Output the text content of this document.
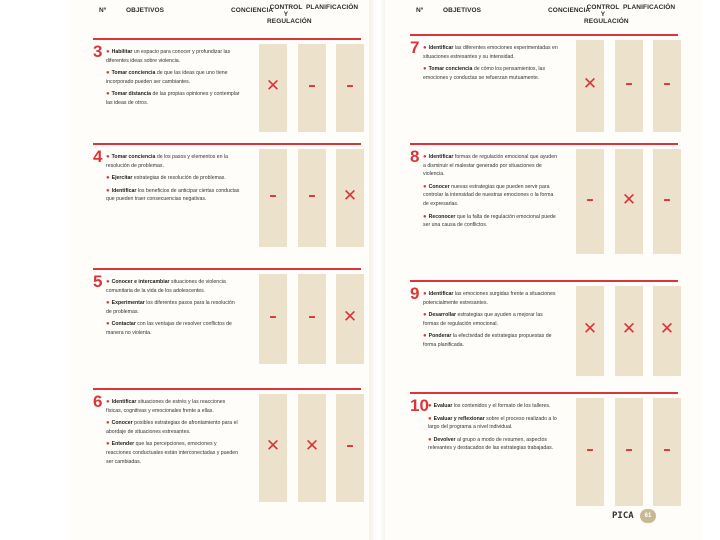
Nº	OBJETIVOS	CONCIENCIA
CONTROL Y REGULACIÓN
PLANIFICACIÓN
3 ● Habilitar un espacio para conocer y profundizar las diferentes ideas sobre violencia.
● Tomar conciencia de que las ideas que uno tiene incorporado pueden ser cambiantes.
● Tomar distancia de las propias opiniones y contemplar las ideas de otros.
✕	–	–
4 ● Tomar conciencia de los pasos y elementos en la resolución de problemas.
● Ejercitar estrategias de resolución de problemas.
● Identificar los beneficios de anticipar ciertas conductas que pueden traer consecuencias negativas.	–	–	✕
5 ● Conocer e intercambiar situaciones de violencia comunitaria de la vida de los adolescentes.
● Experimentar los diferentes pasos para la resolución de problemas.
● Contactar con las ventajas de resolver conflictos de manera no violenta.
–	–	✕
6 ● Identificar situaciones de estrés y las reacciones físicas, cognitivas y emocionales frente a ellas.
● Conocer posibles estrategias de afrontamiento para el abordaje de situaciones estresantes.
● Entender que las percepciones, emociones y reacciones conductuales están interconectadas y pueden ser cambiadas.
✕	✕	–
Nº	OBJETIVOS	CONCIENCIA
CONTROL Y REGULACIÓN
PLANIFICACIÓN
7 ● Identificar las diferentes emociones experimentadas en situaciones estresantes y su intensidad.
● Tomar conciencia de cómo los pensamientos, las emociones y conductas se refuerzan mutuamente.	✕	–	–
8 ● Identificar formas de regulación emocional que ayuden a disminuir el malestar generado por situaciones de violencia.
● Conocer nuevas estrategias que pueden servir para controlar la intensidad de nuestras emociones o la forma de expresarlas.
● Reconocer que la falta de regulación emocional puede ser una causa de conflictos.
–	✕	–
9 ● Identificar las emociones surgidas frente a situaciones potencialmente estresantes.
● Desarrollar estrategias que ayuden a mejorar las formas de regulación emocional.
● Ponderar la efectividad de estrategias propuestas de forma planificada.
✕	✕	✕
10 ● Evaluar los contenidos y el formato de los talleres.
● Evaluar y reflexionar sobre el proceso realizado a lo largo del programa a nivel individual.
● Devolver al grupo a modo de resumen, aspectos relevantes y destacados de las estrategias trabajadas.	–	–	–
PICA	61
